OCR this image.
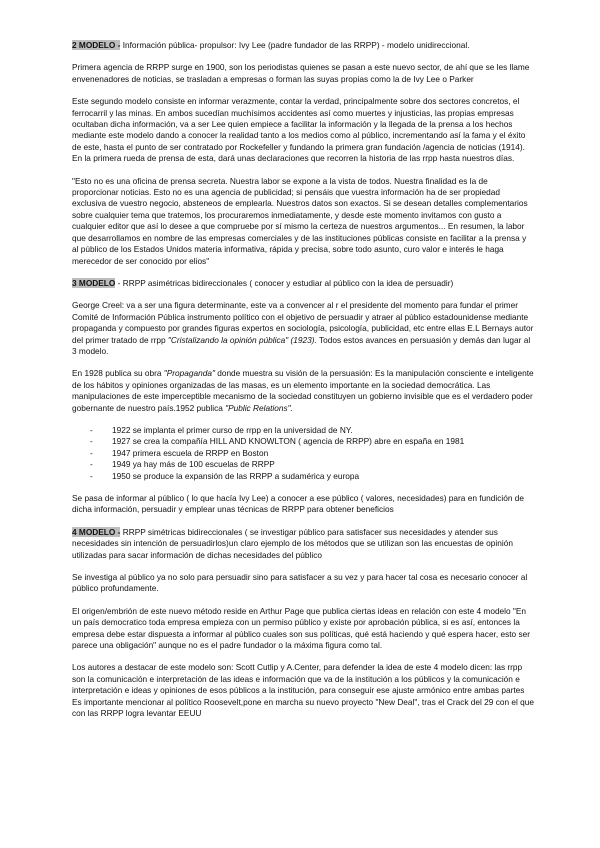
2 MODELO - Información pública- propulsor: Ivy Lee (padre fundador de las RRPP) - modelo unidireccional.

Primera agencia de RRPP surge en 1900, son los periodistas quienes se pasan a este nuevo sector, de ahí que se les llame envenenadores de noticias, se trasladan a empresas o forman las suyas propias como la de Ivy Lee o Parker

Este segundo modelo consiste en informar verazmente, contar la verdad, principalmente sobre dos sectores concretos, el ferrocarril y las minas. En ambos sucedían muchísimos accidentes así como muertes y injusticias, las propias empresas ocultaban dicha información, va a ser Lee quien empiece a facilitar la información y la llegada de la prensa a los hechos mediante este modelo dando a conocer la realidad tanto a los medios como al público, incrementando así la fama y el éxito de este, hasta el punto de ser contratado por Rockefeller y fundando la primera gran fundación /agencia de noticias (1914). En la primera rueda de prensa de esta, dará unas declaraciones que recorren la historia de las rrpp hasta nuestros días.

"Esto no es una oficina de prensa secreta. Nuestra labor se expone a la vista de todos. Nuestra finalidad es la de proporcionar noticias. Esto no es una agencia de publicidad; si pensáis que vuestra información ha de ser propiedad exclusiva de vuestro negocio, absteneos de emplearla. Nuestros datos son exactos. Si se desean detalles complementarios sobre cualquier tema que tratemos, los procuraremos inmediatamente, y desde este momento invitamos con gusto a cualquier editor que así lo desee a que compruebe por sí mismo la certeza de nuestros argumentos... En resumen, la labor que desarrollamos en nombre de las empresas comerciales y de las instituciones públicas consiste en facilitar a la prensa y al público de los Estados Unidos materia informativa, rápida y precisa, sobre todo asunto, curo valor e interés le haga merecedor de ser conocido por elios"

3 MODELO - RRPP asimétricas bidireccionales ( conocer y estudiar al público con la idea de persuadir)

George Creel: va a ser una figura determinante, este va a convencer al r el presidente del momento para fundar el primer Comité de Información Pública instrumento político con el objetivo de persuadir y atraer al público estadounidense mediante propaganda y compuesto por grandes figuras expertos en sociología, psicología, publicidad, etc entre ellas E.L Bernays autor del primer tratado de rrpp "Cristalizando la opinión pública" (1923). Todos estos avances en persuasión y demás dan lugar al 3 modelo.

En 1928 publica su obra "Propaganda" donde muestra su visión de la persuasión: Es la manipulación consciente e inteligente de los hábitos y opiniones organizadas de las masas, es un elemento importante en la sociedad democrática. Las manipulaciones de este imperceptible mecanismo de la sociedad constituyen un gobierno invisible que es el verdadero poder gobernante de nuestro país.1952 publica "Public Relations".

- 1922 se implanta el primer curso de rrpp en la universidad de NY.
- 1927 se crea la compañía HILL AND KNOWLTON ( agencia de RRPP) abre en españa en 1981
- 1947 primera escuela de RRPP en Boston
- 1949 ya hay más de 100 escuelas de RRPP
- 1950 se produce la expansión de las RRPP a sudamérica y europa

Se pasa de informar al público ( lo que hacía Ivy Lee) a conocer a ese público ( valores, necesidades) para en fundición de dicha información, persuadir y emplear unas técnicas de RRPP para obtener beneficios

4 MODELO - RRPP simétricas bidireccionales ( se investigar público para satisfacer sus necesidades y atender sus necesidades sin intención de persuadirlos)un claro ejemplo de los métodos que se utilizan son las encuestas de opinión utilizadas para sacar información de dichas necesidades del público

Se investiga al público ya no solo para persuadir sino para satisfacer a su vez y para hacer tal cosa es necesario conocer al público profundamente.

El origen/embrión de este nuevo método reside en Arthur Page que publica ciertas ideas en relación con este 4 modelo "En un país democratico toda empresa empieza con un permiso público y existe por aprobación pública, si es así, entonces la empresa debe estar dispuesta a informar al público cuales son sus políticas, qué está haciendo y qué espera hacer, esto ser parece una obligación" aunque no es el padre fundador o la máxima figura como tal.

Los autores a destacar de este modelo son: Scott Cutlip y A.Center, para defender la idea de este 4 modelo dicen: las rrpp son la comunicación e interpretación de las ideas e información que va de la institución a los públicos y la comunicación e interpretación e ideas y opiniones de esos públicos a la institución, para conseguir ese ajuste armónico entre ambas partes Es importante mencionar al político Roosevelt,pone en marcha su nuevo proyecto "New Deal", tras el Crack del 29 con el que con las RRPP logra levantar EEUU
